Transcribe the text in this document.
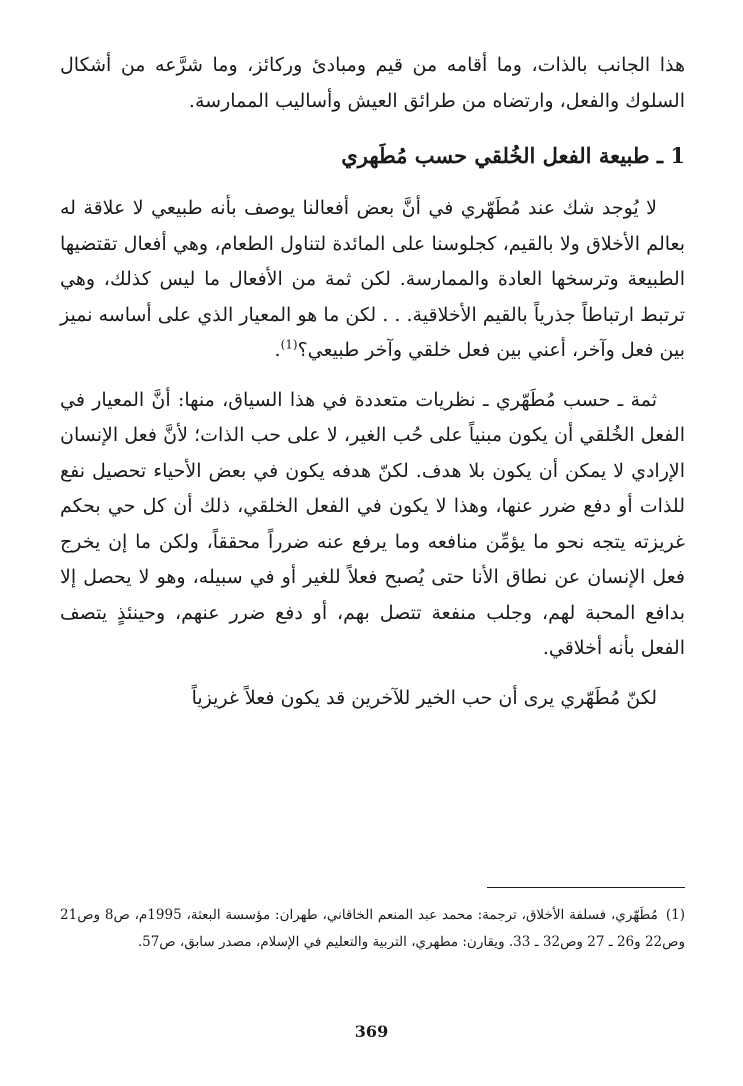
هذا الجانب بالذات، وما أقامه من قيم ومبادئ وركائز، وما شرَّعه من أشكال السلوك والفعل، وارتضاه من طرائق العيش وأساليب الممارسة.

1 ـ طبيعة الفعل الخُلقي حسب مُطَهري

لا يُوجد شك عند مُطَهّري في أنَّ بعض أفعالنا يوصف بأنه طبيعي لا علاقة له بعالم الأخلاق ولا بالقيم، كجلوسنا على المائدة لتناول الطعام، وهي أفعال تقتضيها الطبيعة وترسخها العادة والممارسة. لكن ثمة من الأفعال ما ليس كذلك، وهي ترتبط ارتباطاً جذرياً بالقيم الأخلاقية. . . لكن ما هو المعيار الذي على أساسه نميز بين فعل وآخر، أعني بين فعل خلقي وآخر طبيعي؟$^{(1)}$.

ثمة ـ حسب مُطَهّري ـ نظريات متعددة في هذا السياق، منها: أنَّ المعيار في الفعل الخُلقي أن يكون مبنياً على حُب الغير، لا على حب الذات؛ لأنَّ فعل الإنسان الإرادي لا يمكن أن يكون بلا هدف. لكنّ هدفه يكون في بعض الأحياء تحصيل نفع للذات أو دفع ضرر عنها، وهذا لا يكون في الفعل الخلقي، ذلك أن كل حي بحكم غريزته يتجه نحو ما يؤمِّن منافعه وما يرفع عنه ضرراً محققاً، ولكن ما إن يخرج فعل الإنسان عن نطاق الأنا حتى يُصبح فعلاً للغير أو في سبيله، وهو لا يحصل إلا بدافع المحبة لهم، وجلب منفعة تتصل بهم، أو دفع ضرر عنهم، وحينئذٍ يتصف الفعل بأنه أخلاقي.

لكنّ مُطَهّري يرى أن حب الخير للآخرين قد يكون فعلاً غريزياً

(1)مُطَهّري، فسلفة الأخلاق، ترجمة: محمد عبد المنعم الخاقاني، طهران: مؤسسة البعثة، 1995م، ص8 وص21 وص22 و26 ـ 27 وص32 ـ 33. ويقارن: مطهري، التربية والتعليم في الإسلام، مصدر سابق، ص57.
369
